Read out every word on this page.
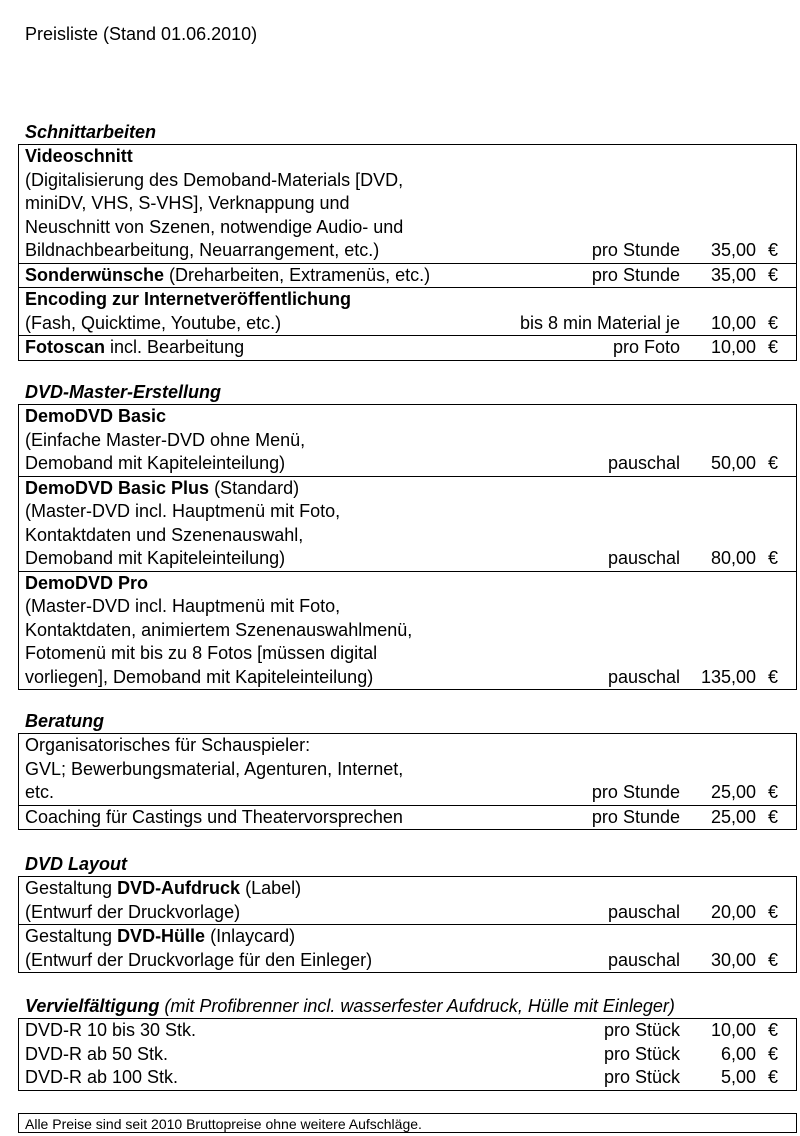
Preisliste (Stand 01.06.2010)
Schnittarbeiten
Videoschnitt
(Digitalisierung des Demoband-Materials [DVD,
miniDV, VHS, S-VHS], Verknappung und
Neuschnitt von Szenen, notwendige Audio- und
Bildnachbearbeitung, Neuarrangement, etc.)	pro Stunde 35,00 €
Sonderwünsche (Dreharbeiten, Extramenüs, etc.)	pro Stunde 35,00 €
Encoding zur Internetveröffentlichung
(Fash, Quicktime, Youtube, etc.)	bis 8 min Material je 10,00 €
Fotoscan incl. Bearbeitung	pro Foto 10,00 €
DVD-Master-Erstellung
DemoDVD Basic
(Einfache Master-DVD ohne Menü,
Demoband mit Kapiteleinteilung)	pauschal 50,00 €
DemoDVD Basic Plus (Standard)
(Master-DVD incl. Hauptmenü mit Foto,
Kontaktdaten und Szenenauswahl,
Demoband mit Kapiteleinteilung)	pauschal 80,00 €
DemoDVD Pro
(Master-DVD incl. Hauptmenü mit Foto,
Kontaktdaten, animiertem Szenenauswahlmenü,
Fotomenü mit bis zu 8 Fotos [müssen digital
vorliegen], Demoband mit Kapiteleinteilung)	pauschal 135,00 €
Beratung
Organisatorisches für Schauspieler:
GVL; Bewerbungsmaterial, Agenturen, Internet,
etc.	pro Stunde 25,00 €
Coaching für Castings und Theatervorsprechen	pro Stunde 25,00 €
DVD Layout
Gestaltung DVD-Aufdruck (Label)
(Entwurf der Druckvorlage)	pauschal 20,00 €
Gestaltung DVD-Hülle (Inlaycard)
(Entwurf der Druckvorlage für den Einleger)	pauschal 30,00 €
Vervielfältigung (mit Profibrenner incl. wasserfester Aufdruck, Hülle mit Einleger)
DVD-R 10 bis 30 Stk.	pro Stück 10,00 €
DVD-R ab 50 Stk.	pro Stück 6,00 €
DVD-R ab 100 Stk.	pro Stück 5,00 €
Alle Preise sind seit 2010 Bruttopreise ohne weitere Aufschläge.
